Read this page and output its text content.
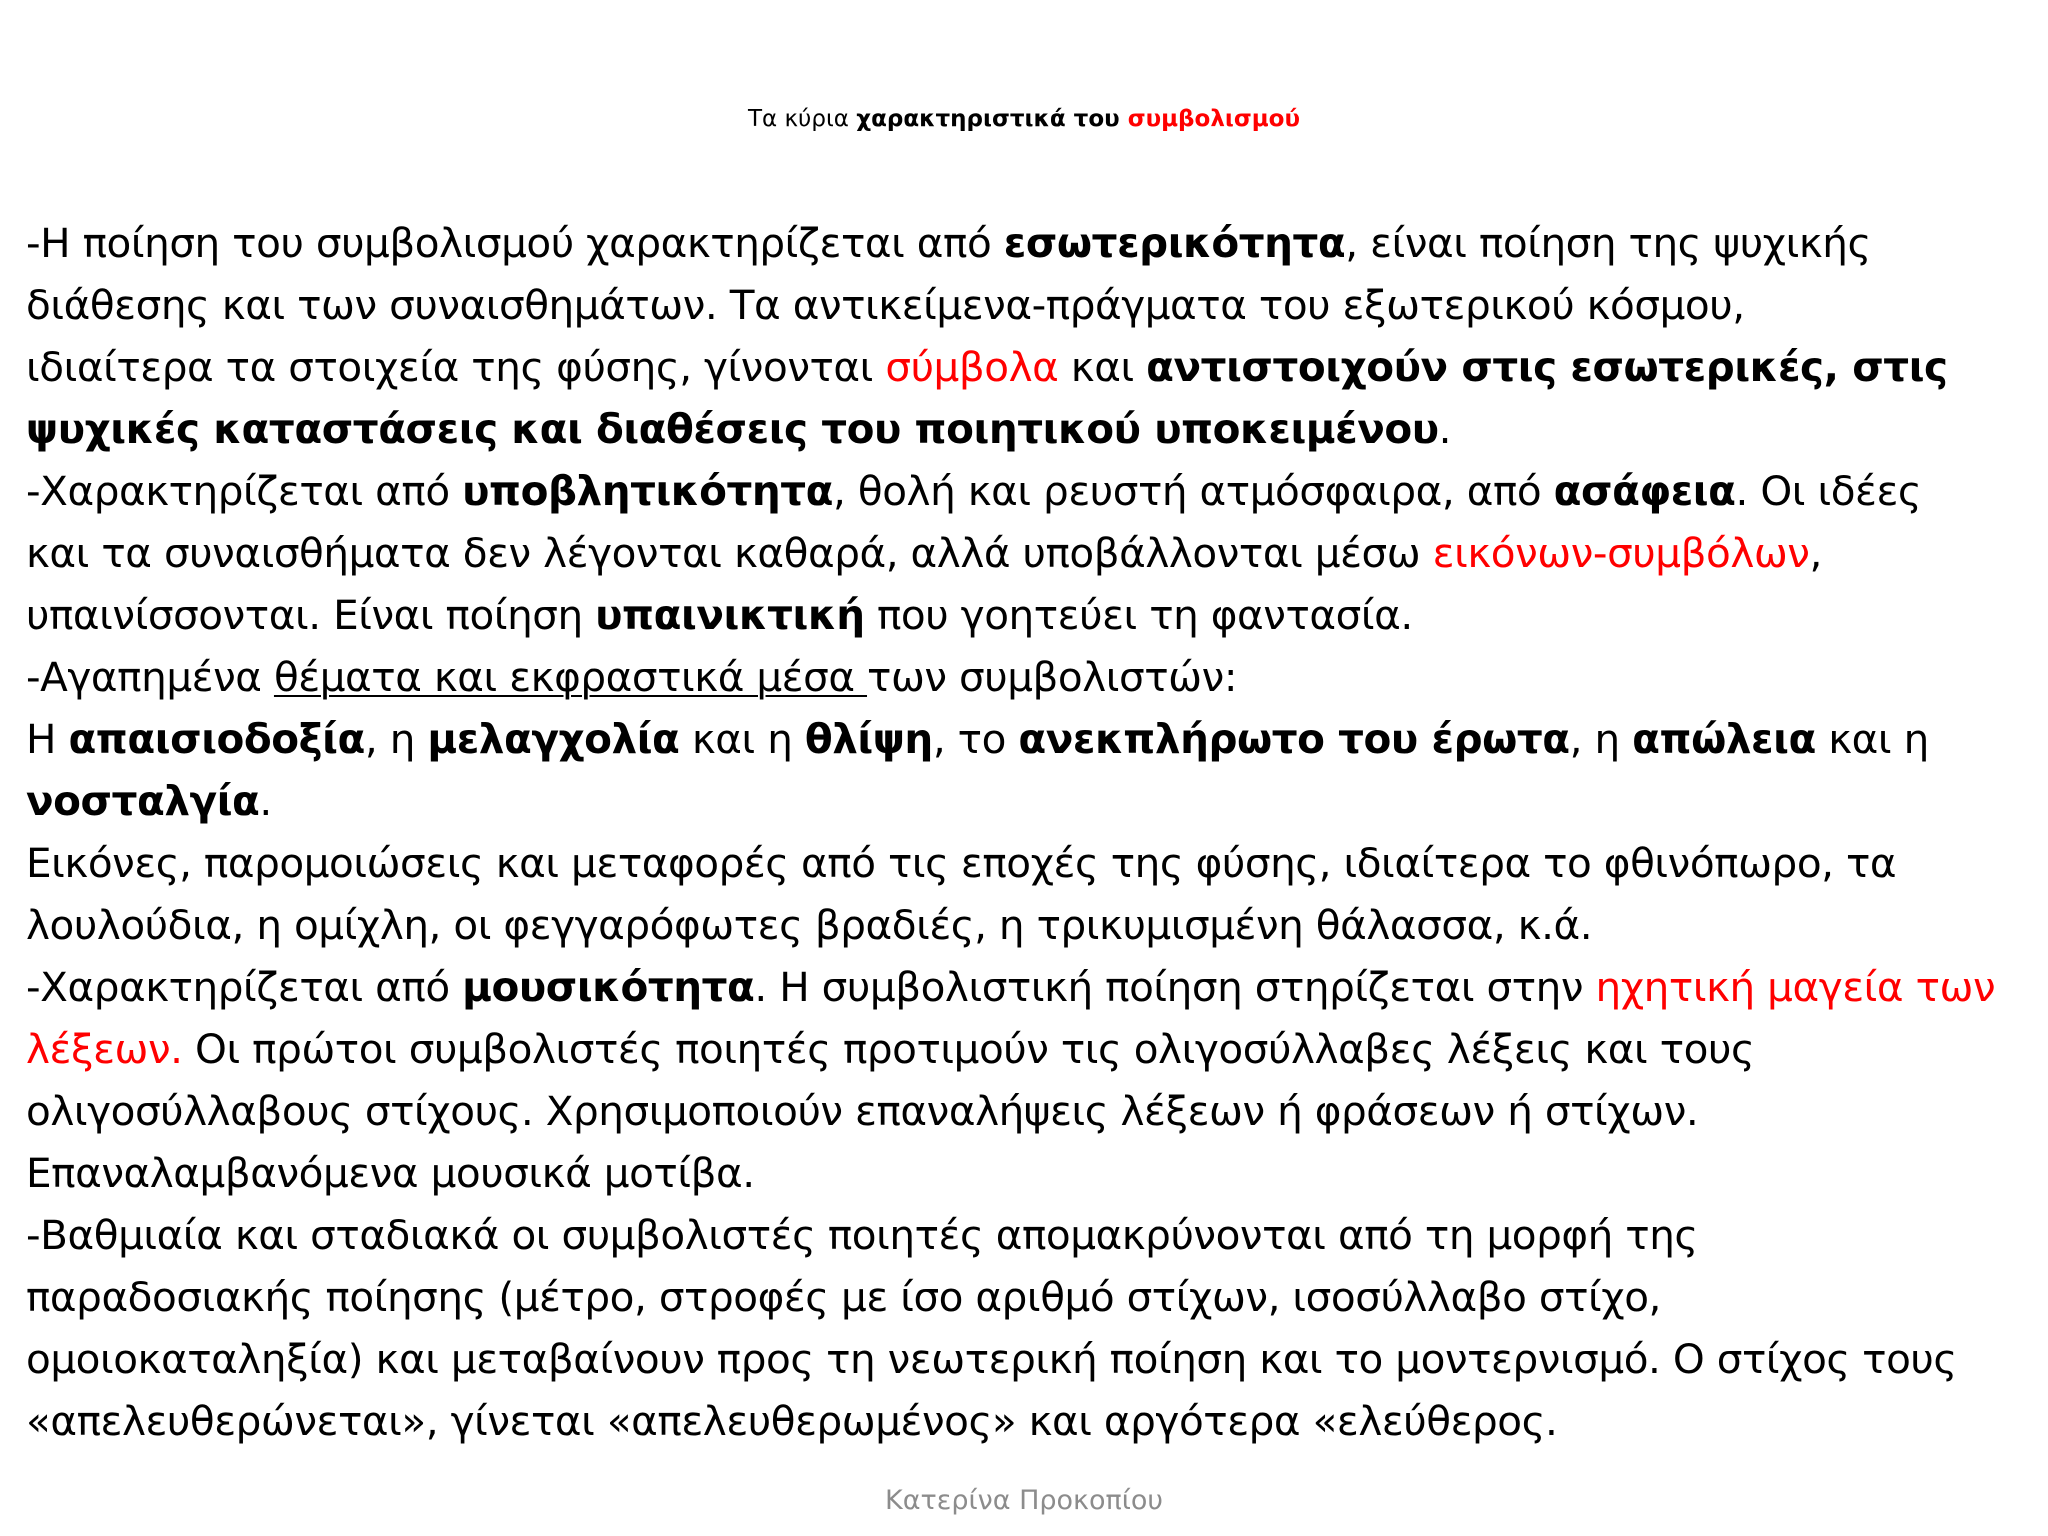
Τα κύρια χαρακτηριστικά του συμβολισμού
-Η ποίηση του συμβολισμού χαρακτηρίζεται από εσωτερικότητα, είναι ποίηση της ψυχικής
διάθεσης και των συναισθημάτων. Τα αντικείμενα-πράγματα του εξωτερικού κόσμου,
ιδιαίτερα τα στοιχεία της φύσης, γίνονται σύμβολα και αντιστοιχούν στις εσωτερικές, στις
ψυχικές καταστάσεις και διαθέσεις του ποιητικού υποκειμένου.
-Χαρακτηρίζεται από υποβλητικότητα, θολή και ρευστή ατμόσφαιρα, από ασάφεια. Οι ιδέες
και τα συναισθήματα δεν λέγονται καθαρά, αλλά υποβάλλονται μέσω εικόνων-συμβόλων,
υπαινίσσονται. Είναι ποίηση υπαινικτική που γοητεύει τη φαντασία.
-Αγαπημένα θέματα και εκφραστικά μέσα των συμβολιστών:
Η απαισιοδοξία, η μελαγχολία και η θλίψη, το ανεκπλήρωτο του έρωτα, η απώλεια και η
νοσταλγία.
Εικόνες, παρομοιώσεις και μεταφορές από τις εποχές της φύσης, ιδιαίτερα το φθινόπωρο, τα
λουλούδια, η ομίχλη, οι φεγγαρόφωτες βραδιές, η τρικυμισμένη θάλασσα, κ.ά.
-Χαρακτηρίζεται από μουσικότητα. Η συμβολιστική ποίηση στηρίζεται στην ηχητική μαγεία των
λέξεων. Οι πρώτοι συμβολιστές ποιητές προτιμούν τις ολιγοσύλλαβες λέξεις και τους
ολιγοσύλλαβους στίχους. Χρησιμοποιούν επαναλήψεις λέξεων ή φράσεων ή στίχων.
Επαναλαμβανόμενα μουσικά μοτίβα.
-Βαθμιαία και σταδιακά οι συμβολιστές ποιητές απομακρύνονται από τη μορφή της
παραδοσιακής ποίησης (μέτρο, στροφές με ίσο αριθμό στίχων, ισοσύλλαβο στίχο,
ομοιοκαταληξία) και μεταβαίνουν προς τη νεωτερική ποίηση και το μοντερνισμό. Ο στίχος τους
«απελευθερώνεται», γίνεται «απελευθερωμένος» και αργότερα «ελεύθερος.
Κατερίνα Προκοπίου
